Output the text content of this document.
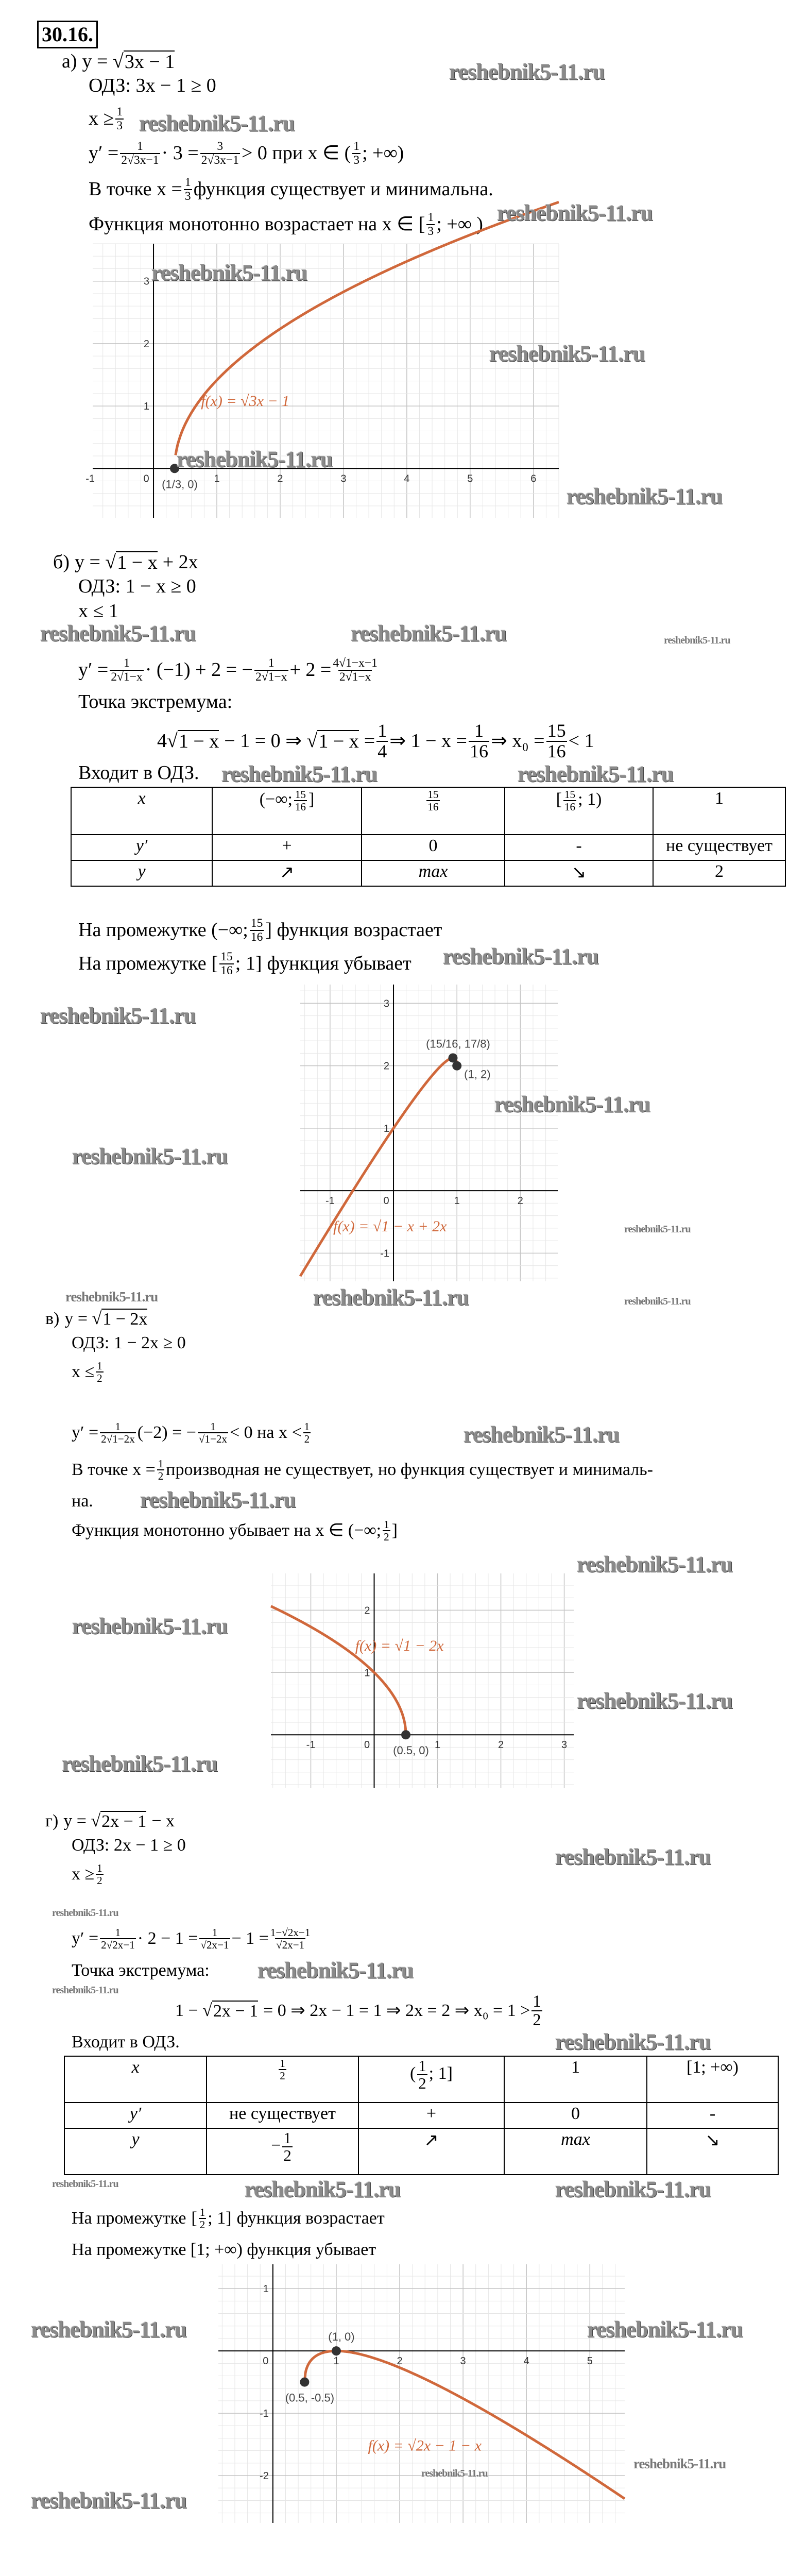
30.16.
а) y = √ 3x − 1
ОДЗ: 3x − 1 ≥ 0
$x \ge \frac{1}{3}$
$y' = \frac{1}{2√3x-1} \cdot 3 = \frac{3}{2√3x-1} > 0$ при x ∈ ( $\frac{1}{3}$ ; +∞)
В точке $x = \frac{1}{3}$ функция существует и минимальна.
Функция монотонно возрастает на x ∈ [ $\frac{1}{3}$ ; +∞ )
-1	0	1	2	3	4	5	6
1
2
3
(1/3, 0)
f(x) = √3x − 1
б) y = √ 1 − x + 2x
ОДЗ: 1 − x ≥ 0
x ≤ 1
$y' = \frac{1}{2√1-x} \cdot (-1) + 2$ = − $\frac{1}{2√1-x} + 2 = \frac{4√1-x-1}{2√1-x}$
Точка экстремума:
4√ 1 − x − 1 = 0 ⇒ √ $1 - x = \frac{1}{4}$ ⇒ $1 - x = \frac{1}{16}$ ⇒ $x_0 = \frac{15}{16} < 1$
Входит в ОДЗ.
x	(−∞; $\frac{15}{16}$ ]	$\frac{15}{16}$	[ $\frac{15}{16}$ ; 1)	1
y′	+	0	-	не существует
y	↗	max	↘	2
На промежутке (−∞; $\frac{15}{16}$ ] функция возрастает
На промежутке [ $\frac{15}{16}$ ; 1 ] функция убывает
-1	0	1	2
-1
1
2
3
(15/16, 17/8)
(1, 2)
f(x) = √1 − x + 2x
в) y = √ 1 − 2x
ОДЗ: 1 − 2x ≥ 0
$x \le \frac{1}{2}$
$y' = \frac{1}{2√1-2x} (-2)$ = − $\frac{1}{√1-2x} < 0$ на $x < \frac{1}{2}$
В точке $x = \frac{1}{2}$ производная не существует, но функция существует и минималь-
на.
Функция монотонно убывает на x ∈ (−∞; $\frac{1}{2}$ ]
-1	0	1	2	3
1
2
(0.5, 0)
f(x) = √1 − 2x
г) y = √ 2x − 1 − x
ОДЗ: 2x − 1 ≥ 0
$x \ge \frac{1}{2}$
$y' = \frac{1}{2√2x-1} \cdot 2 - 1 = \frac{1}{√2x-1} - 1 = \frac{1-√2x-1}{√2x-1}$
Точка экстремума:
1 − √ 2x − 1 = 0 ⇒ 2x − 1 = 1 ⇒ 2x = 2 ⇒ $x_0 = 1 > \frac{1}{2}$
Входит в ОДЗ.
x	$\frac{1}{2}$	( $\frac{1}{2}$ ; 1]	1	[1; +∞)
y′	не существует	+	0	-
y	− $\frac{1}{2}$	↗	max	↘
На промежутке [ $\frac{1}{2}$ ; 1 ] функция возрастает
На промежутке [1; +∞) функция убывает
0	1	2	3	4	5
1
-1
-2
(0.5, -0.5)
(1, 0)
f(x) = √2x − 1 − x
reshebnik5-11.ru
reshebnik5-11.ru
reshebnik5-11.ru
reshebnik5-11.ru
reshebnik5-11.ru
reshebnik5-11.ru
reshebnik5-11.ru
reshebnik5-11.ru	reshebnik5-11.ru	reshebnik5-11.ru
reshebnik5-11.ru	reshebnik5-11.ru
reshebnik5-11.ru
reshebnik5-11.ru
reshebnik5-11.ru
reshebnik5-11.ru
reshebnik5-11.ru
reshebnik5-11.ru	reshebnik5-11.ru	reshebnik5-11.ru
reshebnik5-11.ru
reshebnik5-11.ru
reshebnik5-11.ru
reshebnik5-11.ru
reshebnik5-11.ru
reshebnik5-11.ru
reshebnik5-11.ru
reshebnik5-11.ru
reshebnik5-11.ru
reshebnik5-11.ru
reshebnik5-11.ru
reshebnik5-11.ru	reshebnik5-11.ru	reshebnik5-11.ru
reshebnik5-11.ru	reshebnik5-11.ru
reshebnik5-11.ru
reshebnik5-11.ru
reshebnik5-11.ru
